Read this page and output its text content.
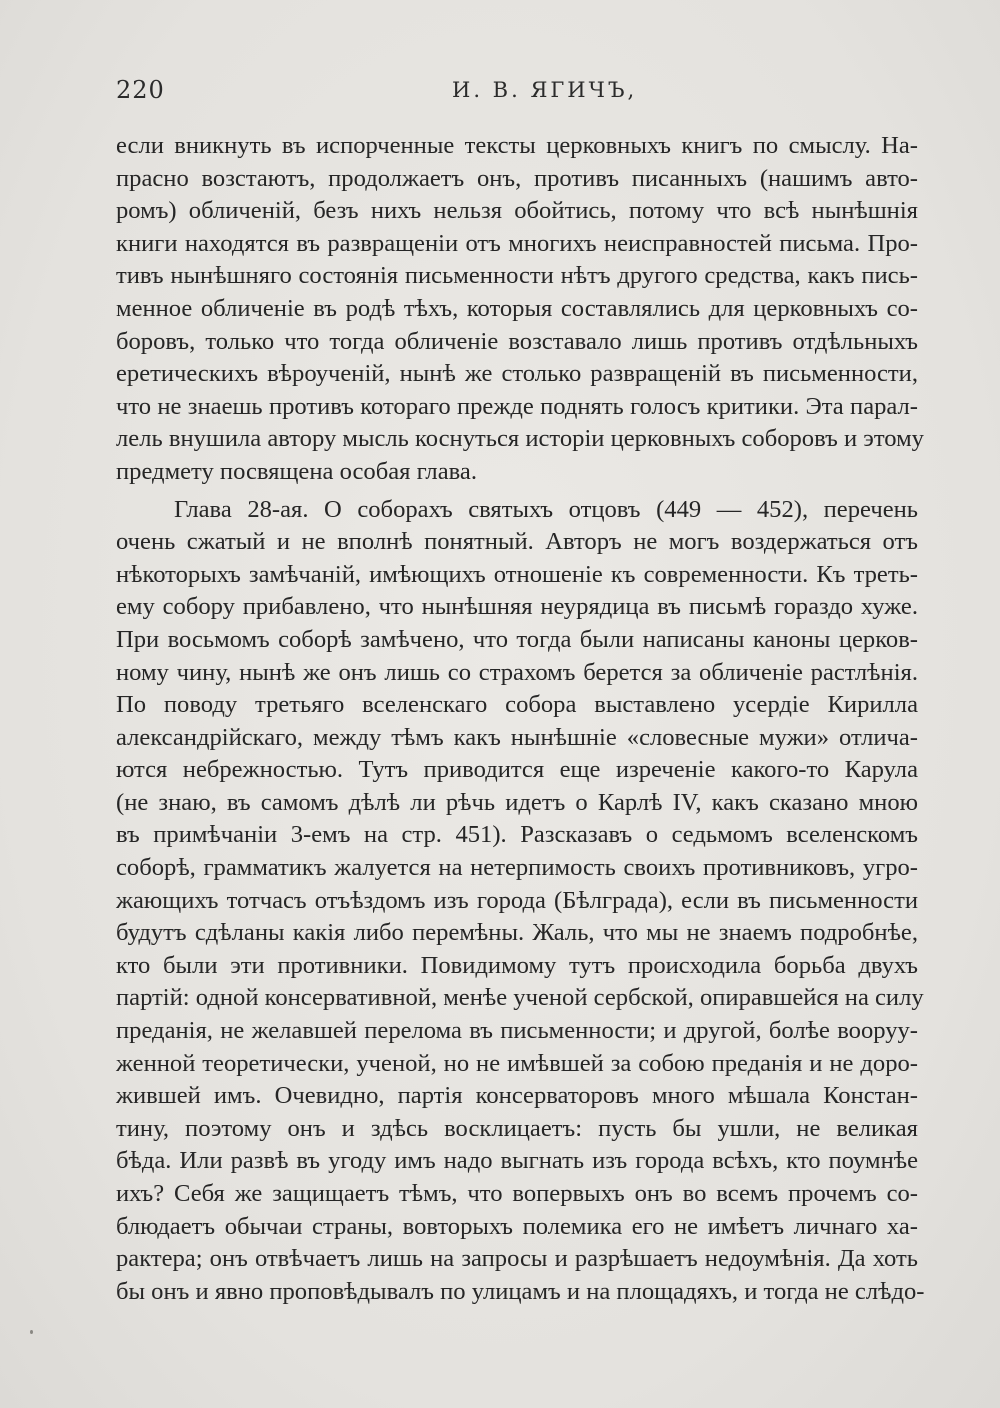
220	И. В. ЯГИЧЪ,
если вникнуть въ испорченные тексты церковныхъ книгъ по смыслу. На-
прасно возстаютъ, продолжаетъ онъ, противъ писанныхъ (нашимъ авто-
ромъ) обличеній, безъ нихъ нельзя обойтись, потому что всѣ нынѣшнія
книги находятся въ развращеніи отъ многихъ неисправностей письма. Про-
тивъ нынѣшняго состоянія письменности нѣтъ другого средства, какъ пись-
менное обличеніе въ родѣ тѣхъ, которыя составлялись для церковныхъ со-
боровъ, только что тогда обличеніе возставало лишь противъ отдѣльныхъ
еретическихъ вѣроученій, нынѣ же столько развращеній въ письменности,
что не знаешь противъ котораго прежде поднять голосъ критики. Эта парал-
лель внушила автору мысль коснуться исторіи церковныхъ соборовъ и этому
предмету посвящена особая глава.
Глава 28-ая. О соборахъ святыхъ отцовъ (449 — 452), перечень
очень сжатый и не вполнѣ понятный. Авторъ не могъ воздержаться отъ
нѣкоторыхъ замѣчаній, имѣющихъ отношеніе къ современности. Къ треть-
ему собору прибавлено, что нынѣшняя неурядица въ письмѣ гораздо хуже.
При восьмомъ соборѣ замѣчено, что тогда были написаны каноны церков-
ному чину, нынѣ же онъ лишь со страхомъ берется за обличеніе растлѣнія.
По поводу третьяго вселенскаго собора выставлено усердіе Кирилла
александрійскаго, между тѣмъ какъ нынѣшніе «словесные мужи» отлича-
ются небрежностью. Тутъ приводится еще изреченіе какого-то Карула
(не знаю, въ самомъ дѣлѣ ли рѣчь идетъ о Карлѣ IV, какъ сказано мною
въ примѣчаніи 3-емъ на стр. 451). Разсказавъ о седьмомъ вселенскомъ
соборѣ, грамматикъ жалуется на нетерпимость своихъ противниковъ, угро-
жающихъ тотчасъ отъѣздомъ изъ города (Бѣлграда), если въ письменности
будутъ сдѣланы какія либо перемѣны. Жаль, что мы не знаемъ подробнѣе,
кто были эти противники. Повидимому тутъ происходила борьба двухъ
партій: одной консервативной, менѣе ученой сербской, опиравшейся на силу
преданія, не желавшей перелома въ письменности; и другой, болѣе вооруу-
женной теоретически, ученой, но не имѣвшей за собою преданія и не доро-
жившей имъ. Очевидно, партія консерваторовъ много мѣшала Констан-
тину, поэтому онъ и здѣсь восклицаетъ: пусть бы ушли, не великая
бѣда. Или развѣ въ угоду имъ надо выгнать изъ города всѣхъ, кто поумнѣе
ихъ? Себя же защищаетъ тѣмъ, что вопервыхъ онъ во всемъ прочемъ со-
блюдаетъ обычаи страны, вовторыхъ полемика его не имѣетъ личнаго ха-
рактера; онъ отвѣчаетъ лишь на запросы и разрѣшаетъ недоумѣнія. Да хоть
бы онъ и явно проповѣдывалъ по улицамъ и на площадяхъ, и тогда не слѣдо-
